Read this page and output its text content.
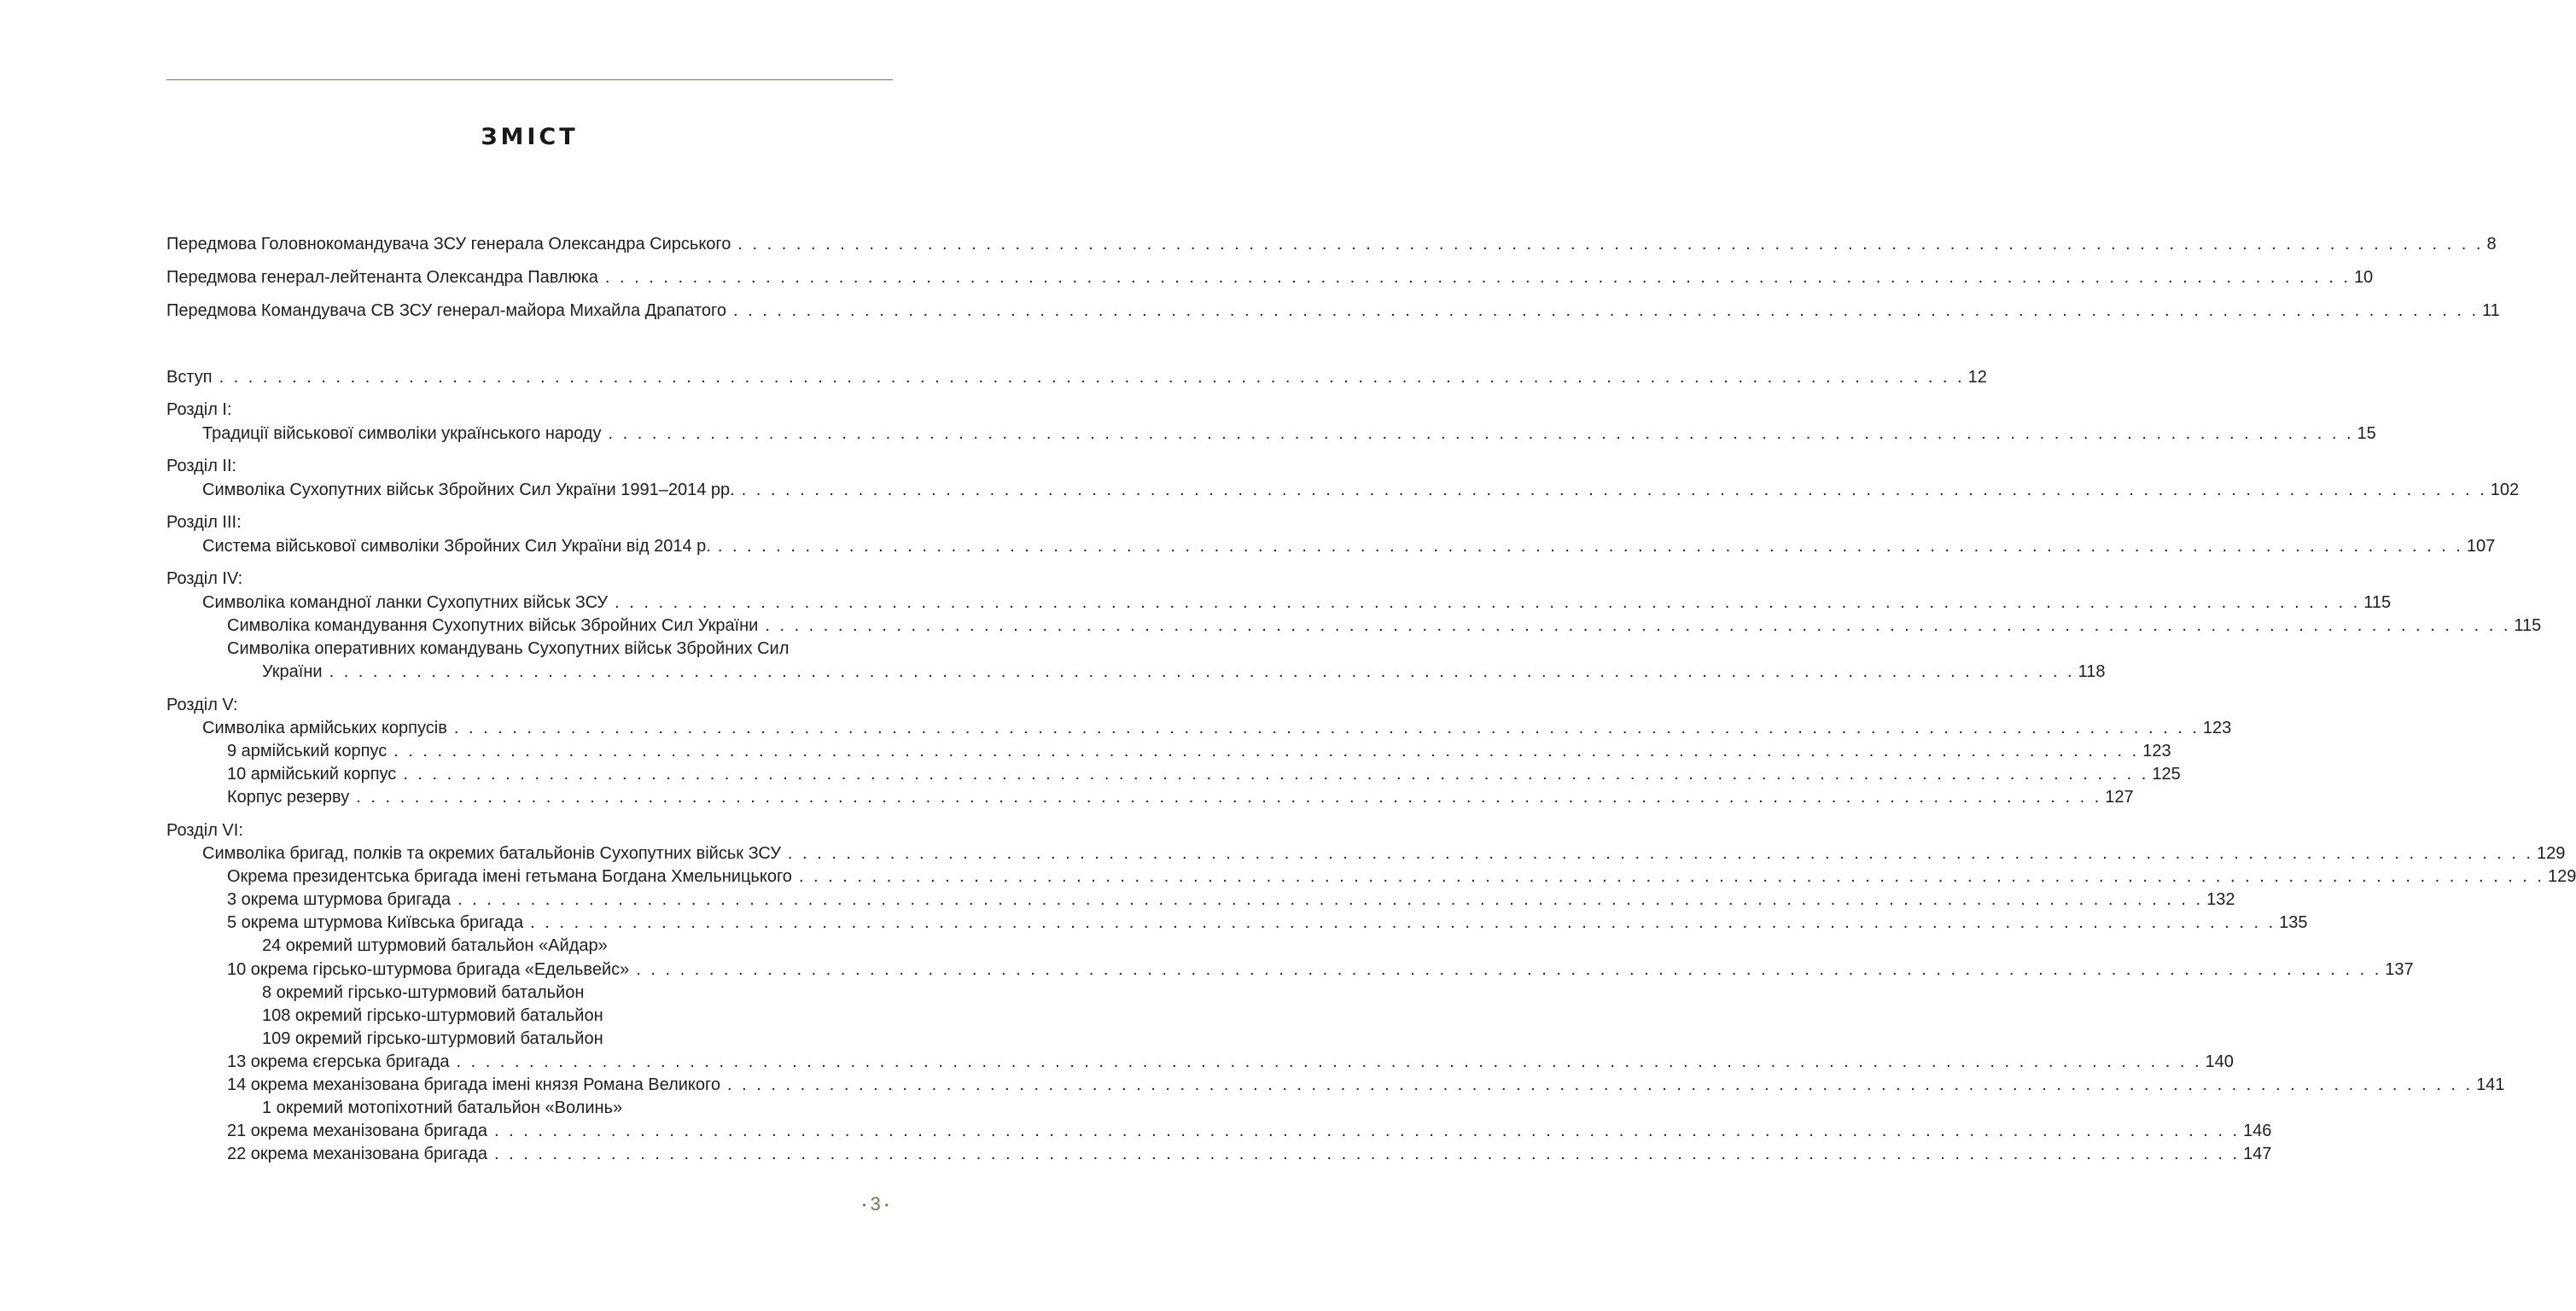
ЗМІСТ
Передмова Головнокомандувача ЗСУ генерала Олександра Сирського . . . . . . . . . . . . . . . . . . . . . . . . . . . . . . . . . . . . . . . . . . . . . . . . . . . . . . . . . . . . . . . . . . . . . . . . . . . . . . . . . . . . . . . . . . . . . . . . . . . . . . . . . . . . . . . . . . . . . . . . 8
Передмова генерал-лейтенанта Олександра Павлюка . . . . . . . . . . . . . . . . . . . . . . . . . . . . . . . . . . . . . . . . . . . . . . . . . . . . . . . . . . . . . . . . . . . . . . . . . . . . . . . . . . . . . . . . . . . . . . . . . . . . . . . . . . . . . . . . . . . . . . . . 10
Передмова Командувача СВ ЗСУ генерал-майора Михайла Драпатого . . . . . . . . . . . . . . . . . . . . . . . . . . . . . . . . . . . . . . . . . . . . . . . . . . . . . . . . . . . . . . . . . . . . . . . . . . . . . . . . . . . . . . . . . . . . . . . . . . . . . . . . . . . . . . . . . . . . . . . . 11
Вступ . . . . . . . . . . . . . . . . . . . . . . . . . . . . . . . . . . . . . . . . . . . . . . . . . . . . . . . . . . . . . . . . . . . . . . . . . . . . . . . . . . . . . . . . . . . . . . . . . . . . . . . . . . . . . . . . . . . . . . . . 12
Розділ І:
Традиції військової символіки українського народу . . . . . . . . . . . . . . . . . . . . . . . . . . . . . . . . . . . . . . . . . . . . . . . . . . . . . . . . . . . . . . . . . . . . . . . . . . . . . . . . . . . . . . . . . . . . . . . . . . . . . . . . . . . . . . . . . . . . . . . . 15
Розділ ІІ:
Символіка Сухопутних військ Збройних Сил України 1991–2014 рр. . . . . . . . . . . . . . . . . . . . . . . . . . . . . . . . . . . . . . . . . . . . . . . . . . . . . . . . . . . . . . . . . . . . . . . . . . . . . . . . . . . . . . . . . . . . . . . . . . . . . . . . . . . . . . . . . . . . . . . . . 102
Розділ ІІІ:
Система військової символіки Збройних Сил України від 2014 р. . . . . . . . . . . . . . . . . . . . . . . . . . . . . . . . . . . . . . . . . . . . . . . . . . . . . . . . . . . . . . . . . . . . . . . . . . . . . . . . . . . . . . . . . . . . . . . . . . . . . . . . . . . . . . . . . . . . . . . . . 107
Розділ IV:
Символіка командної ланки Сухопутних військ ЗСУ . . . . . . . . . . . . . . . . . . . . . . . . . . . . . . . . . . . . . . . . . . . . . . . . . . . . . . . . . . . . . . . . . . . . . . . . . . . . . . . . . . . . . . . . . . . . . . . . . . . . . . . . . . . . . . . . . . . . . . . . 115
Символіка командування Сухопутних військ Збройних Сил України . . . . . . . . . . . . . . . . . . . . . . . . . . . . . . . . . . . . . . . . . . . . . . . . . . . . . . . . . . . . . . . . . . . . . . . . . . . . . . . . . . . . . . . . . . . . . . . . . . . . . . . . . . . . . . . . . . . . . . . . 115
Символіка оперативних командувань Сухопутних військ Збройних Сил
України . . . . . . . . . . . . . . . . . . . . . . . . . . . . . . . . . . . . . . . . . . . . . . . . . . . . . . . . . . . . . . . . . . . . . . . . . . . . . . . . . . . . . . . . . . . . . . . . . . . . . . . . . . . . . . . . . . . . . . . . 118
Розділ V:
Символіка армійських корпусів . . . . . . . . . . . . . . . . . . . . . . . . . . . . . . . . . . . . . . . . . . . . . . . . . . . . . . . . . . . . . . . . . . . . . . . . . . . . . . . . . . . . . . . . . . . . . . . . . . . . . . . . . . . . . . . . . . . . . . . . 123
9 армійський корпус . . . . . . . . . . . . . . . . . . . . . . . . . . . . . . . . . . . . . . . . . . . . . . . . . . . . . . . . . . . . . . . . . . . . . . . . . . . . . . . . . . . . . . . . . . . . . . . . . . . . . . . . . . . . . . . . . . . . . . . . 123
10 армійський корпус . . . . . . . . . . . . . . . . . . . . . . . . . . . . . . . . . . . . . . . . . . . . . . . . . . . . . . . . . . . . . . . . . . . . . . . . . . . . . . . . . . . . . . . . . . . . . . . . . . . . . . . . . . . . . . . . . . . . . . . . 125
Корпус резерву . . . . . . . . . . . . . . . . . . . . . . . . . . . . . . . . . . . . . . . . . . . . . . . . . . . . . . . . . . . . . . . . . . . . . . . . . . . . . . . . . . . . . . . . . . . . . . . . . . . . . . . . . . . . . . . . . . . . . . . . 127
Розділ VI:
Символіка бригад, полків та окремих батальйонів Сухопутних військ ЗСУ . . . . . . . . . . . . . . . . . . . . . . . . . . . . . . . . . . . . . . . . . . . . . . . . . . . . . . . . . . . . . . . . . . . . . . . . . . . . . . . . . . . . . . . . . . . . . . . . . . . . . . . . . . . . . . . . . . . . . . . . 129
Окрема президентська бригада імені гетьмана Богдана Хмельницького . . . . . . . . . . . . . . . . . . . . . . . . . . . . . . . . . . . . . . . . . . . . . . . . . . . . . . . . . . . . . . . . . . . . . . . . . . . . . . . . . . . . . . . . . . . . . . . . . . . . . . . . . . . . . . . . . . . . . . . . 129
3 окрема штурмова бригада . . . . . . . . . . . . . . . . . . . . . . . . . . . . . . . . . . . . . . . . . . . . . . . . . . . . . . . . . . . . . . . . . . . . . . . . . . . . . . . . . . . . . . . . . . . . . . . . . . . . . . . . . . . . . . . . . . . . . . . . 132
5 окрема штурмова Київська бригада . . . . . . . . . . . . . . . . . . . . . . . . . . . . . . . . . . . . . . . . . . . . . . . . . . . . . . . . . . . . . . . . . . . . . . . . . . . . . . . . . . . . . . . . . . . . . . . . . . . . . . . . . . . . . . . . . . . . . . . . 135
24 окремий штурмовий батальйон «Айдар»
10 окрема гірсько-штурмова бригада «Едельвейс» . . . . . . . . . . . . . . . . . . . . . . . . . . . . . . . . . . . . . . . . . . . . . . . . . . . . . . . . . . . . . . . . . . . . . . . . . . . . . . . . . . . . . . . . . . . . . . . . . . . . . . . . . . . . . . . . . . . . . . . . 137
8 окремий гірсько-штурмовий батальйон
108 окремий гірсько-штурмовий батальйон
109 окремий гірсько-штурмовий батальйон
13 окрема єгерська бригада . . . . . . . . . . . . . . . . . . . . . . . . . . . . . . . . . . . . . . . . . . . . . . . . . . . . . . . . . . . . . . . . . . . . . . . . . . . . . . . . . . . . . . . . . . . . . . . . . . . . . . . . . . . . . . . . . . . . . . . . 140
14 окрема механізована бригада імені князя Романа Великого . . . . . . . . . . . . . . . . . . . . . . . . . . . . . . . . . . . . . . . . . . . . . . . . . . . . . . . . . . . . . . . . . . . . . . . . . . . . . . . . . . . . . . . . . . . . . . . . . . . . . . . . . . . . . . . . . . . . . . . . 141
1 окремий мотопіхотний батальйон «Волинь»
21 окрема механізована бригада . . . . . . . . . . . . . . . . . . . . . . . . . . . . . . . . . . . . . . . . . . . . . . . . . . . . . . . . . . . . . . . . . . . . . . . . . . . . . . . . . . . . . . . . . . . . . . . . . . . . . . . . . . . . . . . . . . . . . . . . 146
22 окрема механізована бригада . . . . . . . . . . . . . . . . . . . . . . . . . . . . . . . . . . . . . . . . . . . . . . . . . . . . . . . . . . . . . . . . . . . . . . . . . . . . . . . . . . . . . . . . . . . . . . . . . . . . . . . . . . . . . . . . . . . . . . . . 147
• 3 •
